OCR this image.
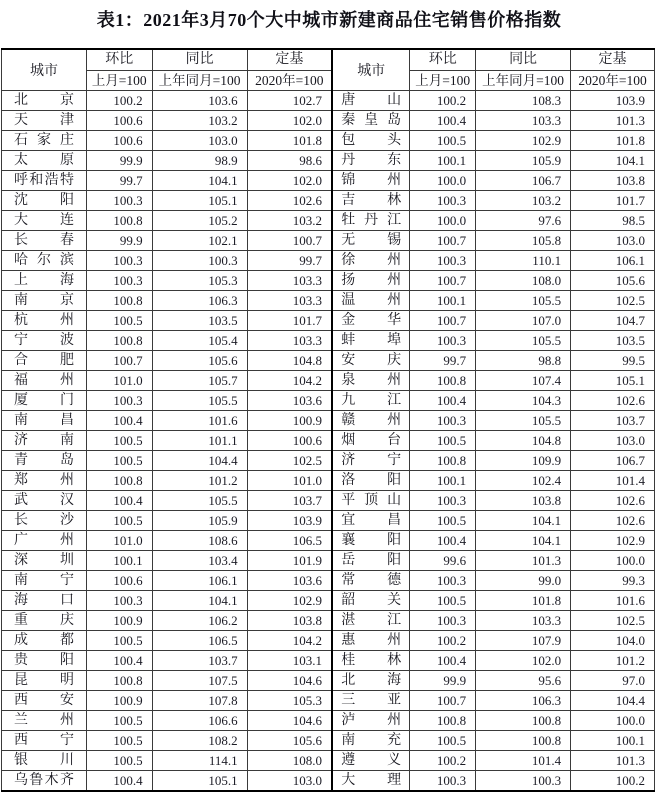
表1：2021年3月70个大中城市新建商品住宅销售价格指数
城市	环比	同比	定基	城市	环比	同比	定基
	上月=100	上年同月=100	2020年=100		上月=100	上年同月=100	2020年=100
北京	100.2	103.6	102.7	唐山	100.2	108.3	103.9
天津	100.6	103.2	102.0	秦皇岛	100.4	103.3	101.3
石家庄	100.6	103.0	101.8	包头	100.5	102.9	101.8
太原	99.9	98.9	98.6	丹东	100.1	105.9	104.1
呼和浩特	99.7	104.1	102.0	锦州	100.0	106.7	103.8
沈阳	100.3	105.1	102.6	吉林	100.3	103.2	101.7
大连	100.8	105.2	103.2	牡丹江	100.0	97.6	98.5
长春	99.9	102.1	100.7	无锡	100.7	105.8	103.0
哈尔滨	100.3	100.3	99.7	徐州	100.3	110.1	106.1
上海	100.3	105.3	103.3	扬州	100.7	108.0	105.6
南京	100.8	106.3	103.3	温州	100.1	105.5	102.5
杭州	100.5	103.5	101.7	金华	100.7	107.0	104.7
宁波	100.8	105.4	103.3	蚌埠	100.3	105.5	103.5
合肥	100.7	105.6	104.8	安庆	99.7	98.8	99.5
福州	101.0	105.7	104.2	泉州	100.8	107.4	105.1
厦门	100.3	105.5	103.6	九江	100.4	104.3	102.6
南昌	100.4	101.6	100.9	赣州	100.3	105.5	103.7
济南	100.5	101.1	100.6	烟台	100.5	104.8	103.0
青岛	100.5	104.4	102.5	济宁	100.8	109.9	106.7
郑州	100.8	101.2	101.0	洛阳	100.1	102.4	101.4
武汉	100.4	105.5	103.7	平顶山	100.3	103.8	102.6
长沙	100.5	105.9	103.9	宜昌	100.5	104.1	102.6
广州	101.0	108.6	106.5	襄阳	100.4	104.1	102.9
深圳	100.1	103.4	101.9	岳阳	99.6	101.3	100.0
南宁	100.6	106.1	103.6	常德	100.3	99.0	99.3
海口	100.3	104.1	102.9	韶关	100.5	101.8	101.6
重庆	100.9	106.2	103.8	湛江	100.3	103.3	102.5
成都	100.5	106.5	104.2	惠州	100.2	107.9	104.0
贵阳	100.4	103.7	103.1	桂林	100.4	102.0	101.2
昆明	100.8	107.5	104.6	北海	99.9	95.6	97.0
西安	100.9	107.8	105.3	三亚	100.7	106.3	104.4
兰州	100.5	106.6	104.6	泸州	100.8	100.8	100.0
西宁	100.5	108.2	105.6	南充	100.5	100.8	100.1
银川	100.5	114.1	108.0	遵义	100.2	101.4	101.3
乌鲁木齐	100.4	105.1	103.0	大理	100.3	100.3	100.2
